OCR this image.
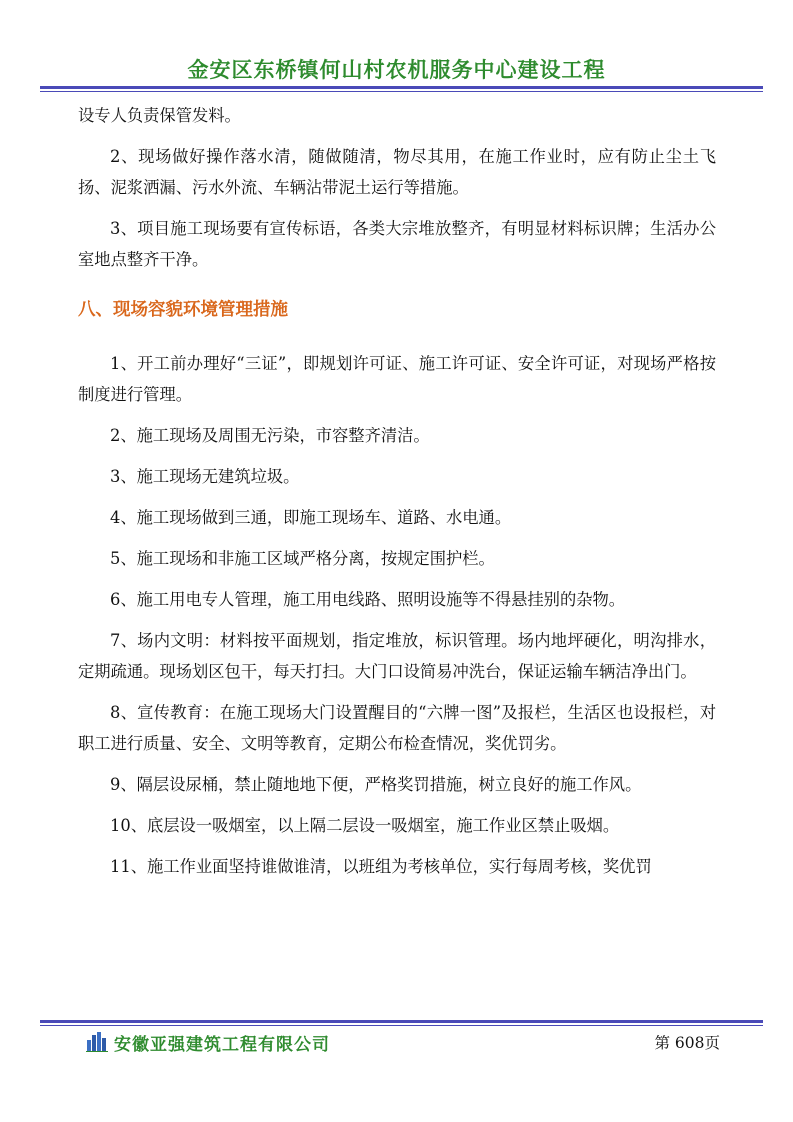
金安区东桥镇何山村农机服务中心建设工程

设专人负责保管发料。

2、现场做好操作落水清，随做随清，物尽其用，在施工作业时，应有防止尘土飞扬、泥浆洒漏、污水外流、车辆沾带泥土运行等措施。

3、项目施工现场要有宣传标语，各类大宗堆放整齐，有明显材料标识牌；生活办公室地点整齐干净。

八、现场容貌环境管理措施

1、开工前办理好“三证”，即规划许可证、施工许可证、安全许可证，对现场严格按制度进行管理。

2、施工现场及周围无污染，市容整齐清洁。

3、施工现场无建筑垃圾。

4、施工现场做到三通，即施工现场车、道路、水电通。

5、施工现场和非施工区域严格分离，按规定围护栏。

6、施工用电专人管理，施工用电线路、照明设施等不得悬挂别的杂物。

7、场内文明：材料按平面规划，指定堆放，标识管理。场内地坪硬化，明沟排水，定期疏通。现场划区包干，每天打扫。大门口设简易冲洗台，保证运输车辆洁净出门。

8、宣传教育：在施工现场大门设置醒目的“六牌一图”及报栏，生活区也设报栏，对职工进行质量、安全、文明等教育，定期公布检查情况，奖优罚劣。

9、隔层设尿桶，禁止随地地下便，严格奖罚措施，树立良好的施工作风。

10、底层设一吸烟室，以上隔二层设一吸烟室，施工作业区禁止吸烟。

11、施工作业面坚持谁做谁清，以班组为考核单位，实行每周考核，奖优罚

安徽亚强建筑工程有限公司	第 608页
